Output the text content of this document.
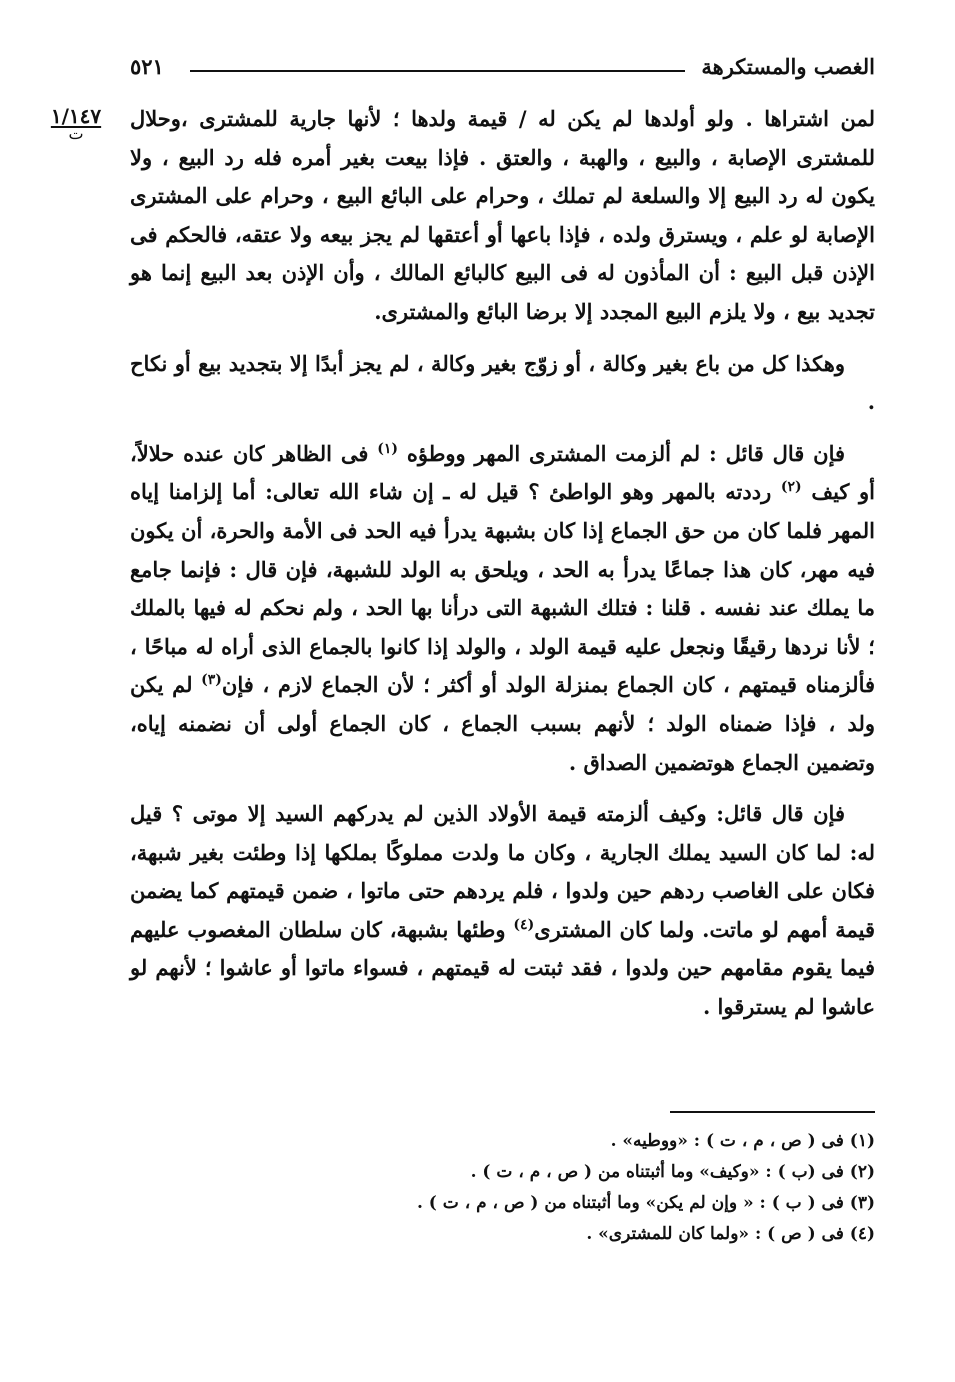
الغصب والمستكرهة
٥٢١
١/١٤٧
ت

لمن اشتراها . ولو أولدها لم يكن له / قيمة ولدها ؛ لأنها جارية للمشترى ،وحلال للمشترى الإصابة ، والبيع ، والهبة ، والعتق . فإذا بيعت بغير أمره فله رد البيع ، ولا يكون له رد البيع إلا والسلعة لم تملك ، وحرام على البائع البيع ، وحرام على المشترى الإصابة لو علم ، ويسترق ولده ، فإذا باعها أو أعتقها لم يجز بيعه ولا عتقه، فالحكم فى الإذن قبل البيع : أن المأذون له فى البيع كالبائع المالك ، وأن الإذن بعد البيع إنما هو تجديد بيع ، ولا يلزم البيع المجدد إلا برضا البائع والمشترى.

وهكذا كل من باع بغير وكالة ، أو زوّج بغير وكالة ، لم يجز أبدًا إلا بتجديد بيع أو نكاح .

فإن قال قائل : لم ألزمت المشترى المهر ووطؤه $^{(١)}$ فى الظاهر كان عنده حلالاً، أو كيف $^{(٢)}$ رددته بالمهر وهو الواطئ ؟ قيل له ـ إن شاء الله تعالى: أما إلزامنا إياه المهر فلما كان من حق الجماع إذا كان بشبهة يدرأ فيه الحد فى الأمة والحرة، أن يكون فيه مهر، كان هذا جماعًا يدرأ به الحد ، ويلحق به الولد للشبهة، فإن قال : فإنما جامع ما يملك عند نفسه . قلنا : فتلك الشبهة التى درأنا بها الحد ، ولم نحكم له فيها بالملك ؛ لأنا نردها رقيقًا ونجعل عليه قيمة الولد ، والولد إذا كانوا بالجماع الذى أراه له مباحًا ، فألزمناه قيمتهم ، كان الجماع بمنزلة الولد أو أكثر ؛ لأن الجماع لازم ، فإن$^{(٣)}$ لم يكن ولد ، فإذا ضمناه الولد ؛ لأنهم بسبب الجماع ، كان الجماع أولى أن نضمنه إياه، وتضمين الجماع هوتضمين الصداق .

فإن قال قائل: وكيف ألزمته قيمة الأولاد الذين لم يدركهم السيد إلا موتى ؟ قيل له: لما كان السيد يملك الجارية ، وكان ما ولدت مملوكًا بملكها إذا وطئت بغير شبهة، فكان على الغاصب ردهم حين ولدوا ، فلم يردهم حتى ماتوا ، ضمن قيمتهم كما يضمن قيمة أمهم لو ماتت. ولما كان المشترى$^{(٤)}$ وطئها بشبهة، كان سلطان المغصوب عليهم فيما يقوم مقامهم حين ولدوا ، فقد ثبتت له قيمتهم ، فسواء ماتوا أو عاشوا ؛ لأنهم لو عاشوا لم يسترقوا .

(١) فى ( ص ، م ، ت ) : «ووطيه» .
(٢) فى (ب ) : «وكيف» وما أثبتناه من ( ص ، م ، ت ) .
(٣) فى ( ب ) : « وإن لم يكن» وما أثبتناه من ( ص ، م ، ت ) .
(٤) فى ( ص ) : «ولما كان للمشترى» .
